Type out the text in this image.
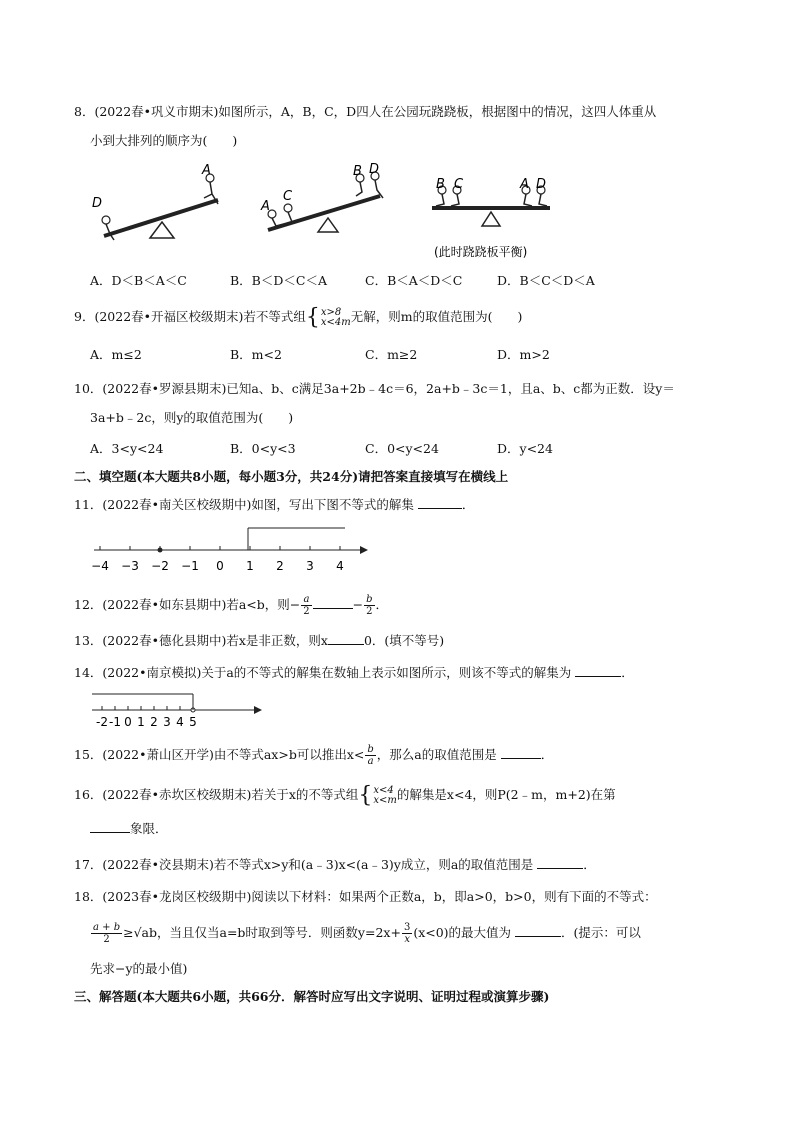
8．(2022春•巩义市期末)如图所示，A，B，C，D四人在公园玩跷跷板，根据图中的情况，这四人体重从
小到大排列的顺序为(　　)
D
A
A
C
B D
B C	A D
(此时跷跷板平衡)
A．D＜B＜A＜C	B．B＜D＜C＜A	C．B＜A＜D＜C	D．B＜C＜D＜A
9．(2022春•开福区校级期末)若不等式组{ x>8
x<4m 无解，则m的取值范围为(　　)
A．m≤2	B．m<2	C．m≥2	D．m>2
10．(2022春•罗源县期末)已知a、b、c满足3a+2b﹣4c＝6，2a+b﹣3c＝1，且a、b、c都为正数．设y＝
3a+b﹣2c，则y的取值范围为(　　)
A．3<y<24	B．0<y<3	C．0<y<24	D．y<24
二、填空题(本大题共8小题，每小题3分，共24分)请把答案直接填写在横线上
11．(2022春•南关区校级期中)如图，写出下图不等式的解集	．
−4 −3 −2 −1 0 1 2 3 4
12．(2022春•如东县期中)若a<b，则− $\frac{a}{2}$	− $\frac{b}{2}$ ．
13．(2022春•德化县期中)若x是非正数，则x	0．(填不等号)
14．(2022•南京模拟)关于a的不等式的解集在数轴上表示如图所示，则该不等式的解集为	．
-2 -1 0 1 2 3 4 5
15．(2022•萧山区开学)由不等式ax>b可以推出$x< \frac{b}{a}$ ，那么a的取值范围是	．
16．(2022春•赤坎区校级期末)若关于x的不等式组{ x<4
x<m 的解集是x<4，则P(2﹣m，m+2)在第
象限．
17．(2022春•洨县期末)若不等式x>y和(a﹣3)x<(a﹣3)y成立，则a的取值范围是	．
18．(2023春•龙岗区校级期中)阅读以下材料：如果两个正数a，b，即a>0，b>0，则有下面的不等式：
$\frac{a + b}{2} \ge√ab$，当且仅当a=b时取到等号．则函数$y=2x+ \frac{3}{x} (x<0)$的最大值为	．(提示：可以
先求−y的最小值)
三、解答题(本大题共6小题，共66分．解答时应写出文字说明、证明过程或演算步骤)
